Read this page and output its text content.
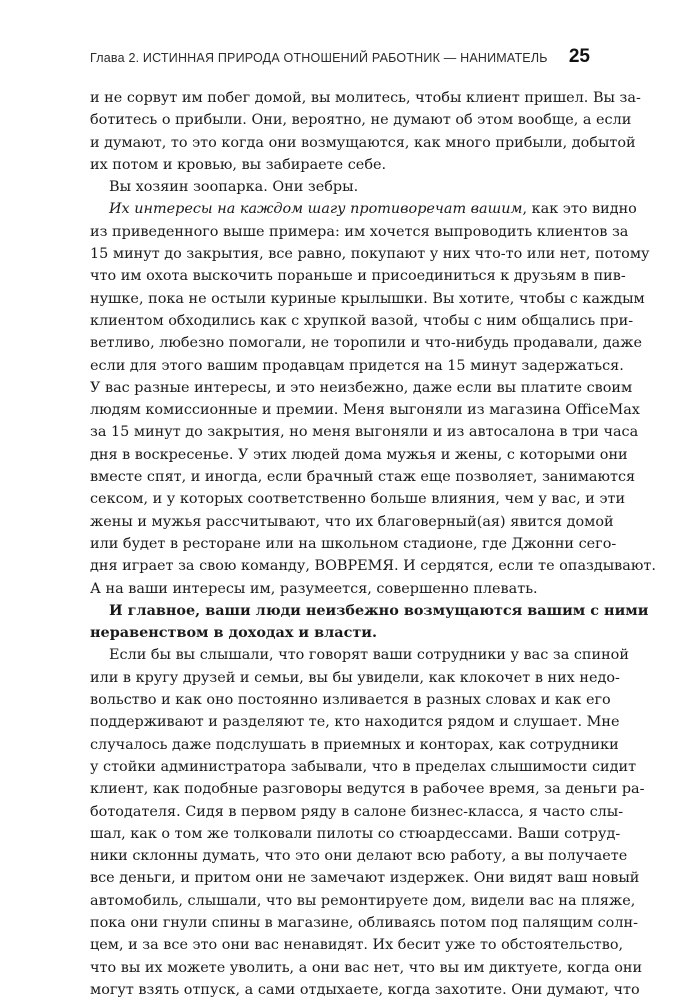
Глава 2. ИСТИННАЯ ПРИРОДА ОТНОШЕНИЙ РАБОТНИК — НАНИМАТЕЛЬ 25
и не сорвут им побег домой, вы молитесь, чтобы клиент пришел. Вы за-
ботитесь о прибыли. Они, вероятно, не думают об этом вообще, а если
и думают, то это когда они возмущаются, как много прибыли, добытой
их потом и кровью, вы забираете себе.
Вы хозяин зоопарка. Они зебры.
Их интересы на каждом шагу противоречат вашим, как это видно
из приведенного выше примера: им хочется выпроводить клиентов за
15 минут до закрытия, все равно, покупают у них что-то или нет, потому
что им охота выскочить пораньше и присоединиться к друзьям в пив-
нушке, пока не остыли куриные крылышки. Вы хотите, чтобы с каждым
клиентом обходились как с хрупкой вазой, чтобы с ним общались при-
ветливо, любезно помогали, не торопили и что-нибудь продавали, даже
если для этого вашим продавцам придется на 15 минут задержаться.
У вас разные интересы, и это неизбежно, даже если вы платите своим
людям комиссионные и премии. Меня выгоняли из магазина OfficeMax
за 15 минут до закрытия, но меня выгоняли и из автосалона в три часа
дня в воскресенье. У этих людей дома мужья и жены, с которыми они
вместе спят, и иногда, если брачный стаж еще позволяет, занимаются
сексом, и у которых соответственно больше влияния, чем у вас, и эти
жены и мужья рассчитывают, что их благоверный(ая) явится домой
или будет в ресторане или на школьном стадионе, где Джонни сего-
дня играет за свою команду, ВОВРЕМЯ. И сердятся, если те опаздывают.
А на ваши интересы им, разумеется, совершенно плевать.
И главное, ваши люди неизбежно возмущаются вашим с ними
неравенством в доходах и власти.
Если бы вы слышали, что говорят ваши сотрудники у вас за спиной
или в кругу друзей и семьи, вы бы увидели, как клокочет в них недо-
вольство и как оно постоянно изливается в разных словах и как его
поддерживают и разделяют те, кто находится рядом и слушает. Мне
случалось даже подслушать в приемных и конторах, как сотрудники
у стойки администратора забывали, что в пределах слышимости сидит
клиент, как подобные разговоры ведутся в рабочее время, за деньги ра-
ботодателя. Сидя в первом ряду в салоне бизнес-класса, я часто слы-
шал, как о том же толковали пилоты со стюардессами. Ваши сотруд-
ники склонны думать, что это они делают всю работу, а вы получаете
все деньги, и притом они не замечают издержек. Они видят ваш новый
автомобиль, слышали, что вы ремонтируете дом, видели вас на пляже,
пока они гнули спины в магазине, обливаясь потом под палящим солн-
цем, и за все это они вас ненавидят. Их бесит уже то обстоятельство,
что вы их можете уволить, а они вас нет, что вы им диктуете, когда они
могут взять отпуск, а сами отдыхаете, когда захотите. Они думают, что
